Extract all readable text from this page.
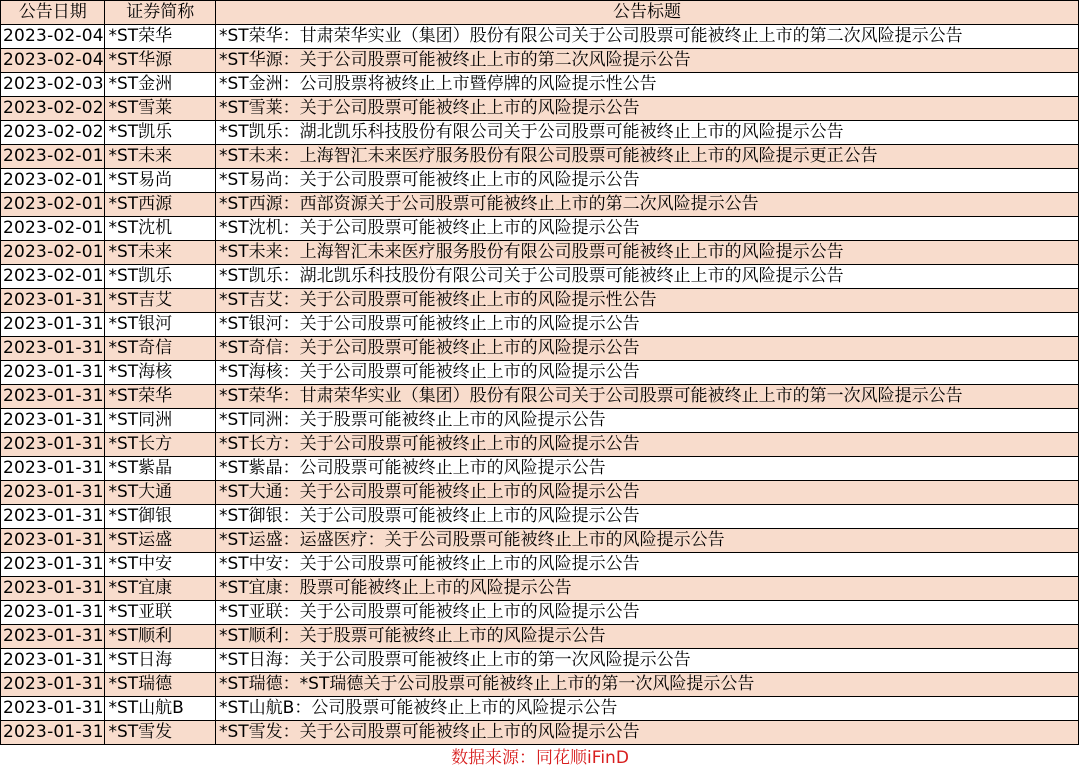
公告日期	证券简称	公告标题
2023-02-04	*ST荣华	*ST荣华：甘肃荣华实业（集团）股份有限公司关于公司股票可能被终止上市的第二次风险提示公告
2023-02-04	*ST华源	*ST华源：关于公司股票可能被终止上市的第二次风险提示公告
2023-02-03	*ST金洲	*ST金洲：公司股票将被终止上市暨停牌的风险提示性公告
2023-02-02	*ST雪莱	*ST雪莱：关于公司股票可能被终止上市的风险提示公告
2023-02-02	*ST凯乐	*ST凯乐：湖北凯乐科技股份有限公司关于公司股票可能被终止上市的风险提示公告
2023-02-01	*ST未来	*ST未来：上海智汇未来医疗服务股份有限公司股票可能被终止上市的风险提示更正公告
2023-02-01	*ST易尚	*ST易尚：关于公司股票可能被终止上市的风险提示公告
2023-02-01	*ST西源	*ST西源：西部资源关于公司股票可能被终止上市的第二次风险提示公告
2023-02-01	*ST沈机	*ST沈机：关于公司股票可能被终止上市的风险提示公告
2023-02-01	*ST未来	*ST未来：上海智汇未来医疗服务股份有限公司股票可能被终止上市的风险提示公告
2023-02-01	*ST凯乐	*ST凯乐：湖北凯乐科技股份有限公司关于公司股票可能被终止上市的风险提示公告
2023-01-31	*ST吉艾	*ST吉艾：关于公司股票可能被终止上市的风险提示性公告
2023-01-31	*ST银河	*ST银河：关于公司股票可能被终止上市的风险提示公告
2023-01-31	*ST奇信	*ST奇信：关于公司股票可能被终止上市的风险提示公告
2023-01-31	*ST海核	*ST海核：关于公司股票可能被终止上市的风险提示公告
2023-01-31	*ST荣华	*ST荣华：甘肃荣华实业（集团）股份有限公司关于公司股票可能被终止上市的第一次风险提示公告
2023-01-31	*ST同洲	*ST同洲：关于股票可能被终止上市的风险提示公告
2023-01-31	*ST长方	*ST长方：关于公司股票可能被终止上市的风险提示公告
2023-01-31	*ST紫晶	*ST紫晶：公司股票可能被终止上市的风险提示公告
2023-01-31	*ST大通	*ST大通：关于公司股票可能被终止上市的风险提示公告
2023-01-31	*ST御银	*ST御银：关于公司股票可能被终止上市的风险提示公告
2023-01-31	*ST运盛	*ST运盛：运盛医疗：关于公司股票可能被终止上市的风险提示公告
2023-01-31	*ST中安	*ST中安：关于公司股票可能被终止上市的风险提示公告
2023-01-31	*ST宜康	*ST宜康：股票可能被终止上市的风险提示公告
2023-01-31	*ST亚联	*ST亚联：关于公司股票可能被终止上市的风险提示公告
2023-01-31	*ST顺利	*ST顺利：关于股票可能被终止上市的风险提示公告
2023-01-31	*ST日海	*ST日海：关于公司股票可能被终止上市的第一次风险提示公告
2023-01-31	*ST瑞德	*ST瑞德：*ST瑞德关于公司股票可能被终止上市的第一次风险提示公告
2023-01-31	*ST山航B	*ST山航B：公司股票可能被终止上市的风险提示公告
2023-01-31	*ST雪发	*ST雪发：关于公司股票可能被终止上市的风险提示公告
数据来源：同花顺iFinD
